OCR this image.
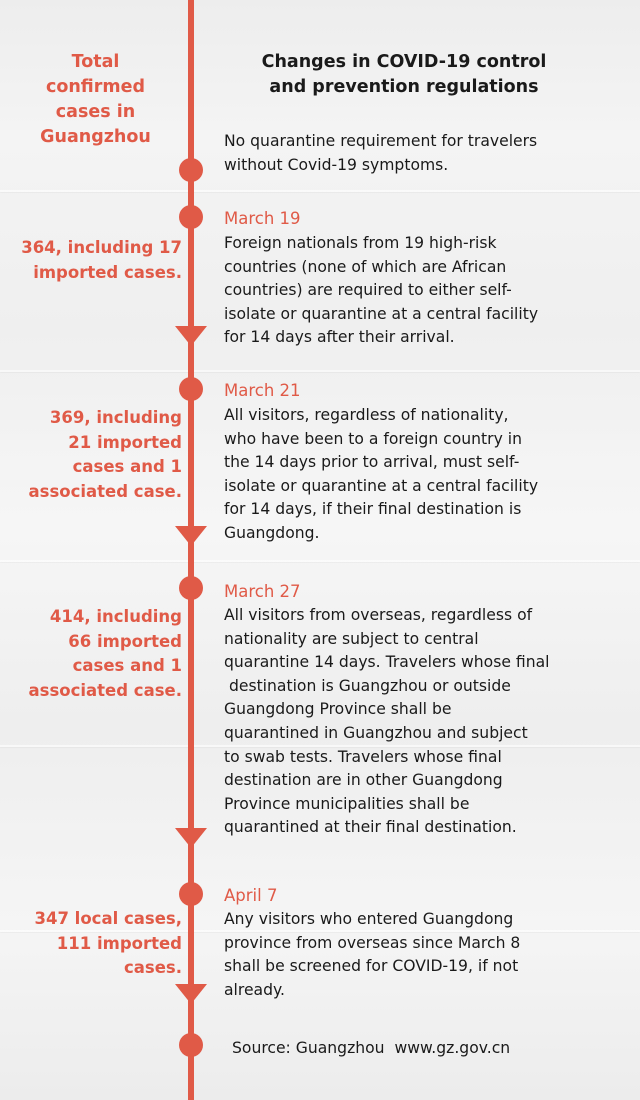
Total
confirmed
cases in
Guangzhou
Changes in COVID-19 control
and prevention regulations
No quarantine requirement for travelers
without Covid-19 symptoms.
March 19
364, including 17
imported cases.
Foreign nationals from 19 high-risk
countries (none of which are African
countries) are required to either self-
isolate or quarantine at a central facility
for 14 days after their arrival.
March 21
369, including
21 imported
cases and 1
associated case.
All visitors, regardless of nationality,
who have been to a foreign country in
the 14 days prior to arrival, must self-
isolate or quarantine at a central facility
for 14 days, if their final destination is
Guangdong.
March 27
414, including
66 imported
cases and 1
associated case.
All visitors from overseas, regardless of
nationality are subject to central
quarantine 14 days. Travelers whose final
destination is Guangzhou or outside
Guangdong Province shall be
quarantined in Guangzhou and subject
to swab tests. Travelers whose final
destination are in other Guangdong
Province municipalities shall be
quarantined at their final destination.
April 7
347 local cases,
111 imported
cases.
Any visitors who entered Guangdong
province from overseas since March 8
shall be screened for COVID-19, if not
already.
Source: Guangzhou  www.gz.gov.cn
